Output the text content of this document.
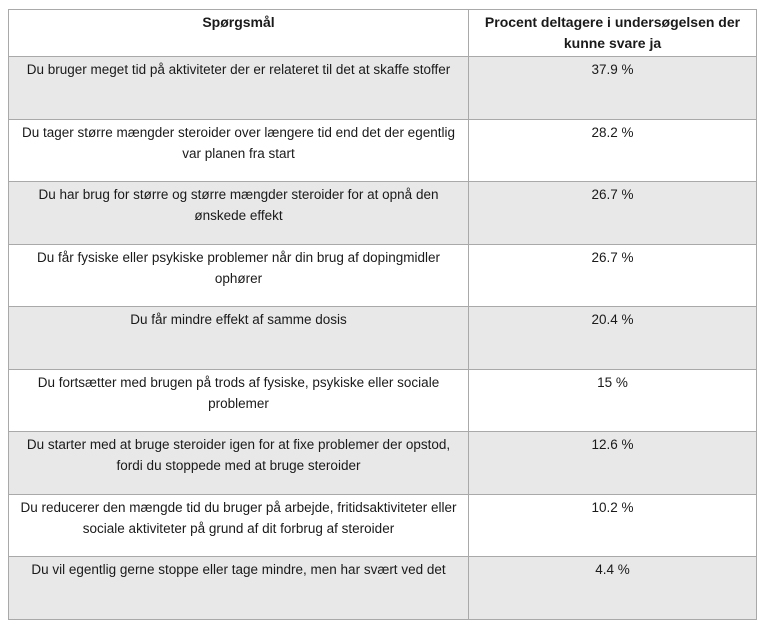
Spørgsmål	Procent deltagere i undersøgelsen der kunne svare ja
Du bruger meget tid på aktiviteter der er relateret til det at skaffe stoffer	37.9 %
Du tager større mængder steroider over længere tid end det der egentlig var planen fra start	28.2 %
Du har brug for større og større mængder steroider for at opnå den ønskede effekt	26.7 %
Du får fysiske eller psykiske problemer når din brug af dopingmidler ophører	26.7 %
Du får mindre effekt af samme dosis	20.4 %
Du fortsætter med brugen på trods af fysiske, psykiske eller sociale problemer	15 %
Du starter med at bruge steroider igen for at fixe problemer der opstod, fordi du stoppede med at bruge steroider	12.6 %
Du reducerer den mængde tid du bruger på arbejde, fritidsaktiviteter eller sociale aktiviteter på grund af dit forbrug af steroider	10.2 %
Du vil egentlig gerne stoppe eller tage mindre, men har svært ved det	4.4 %
